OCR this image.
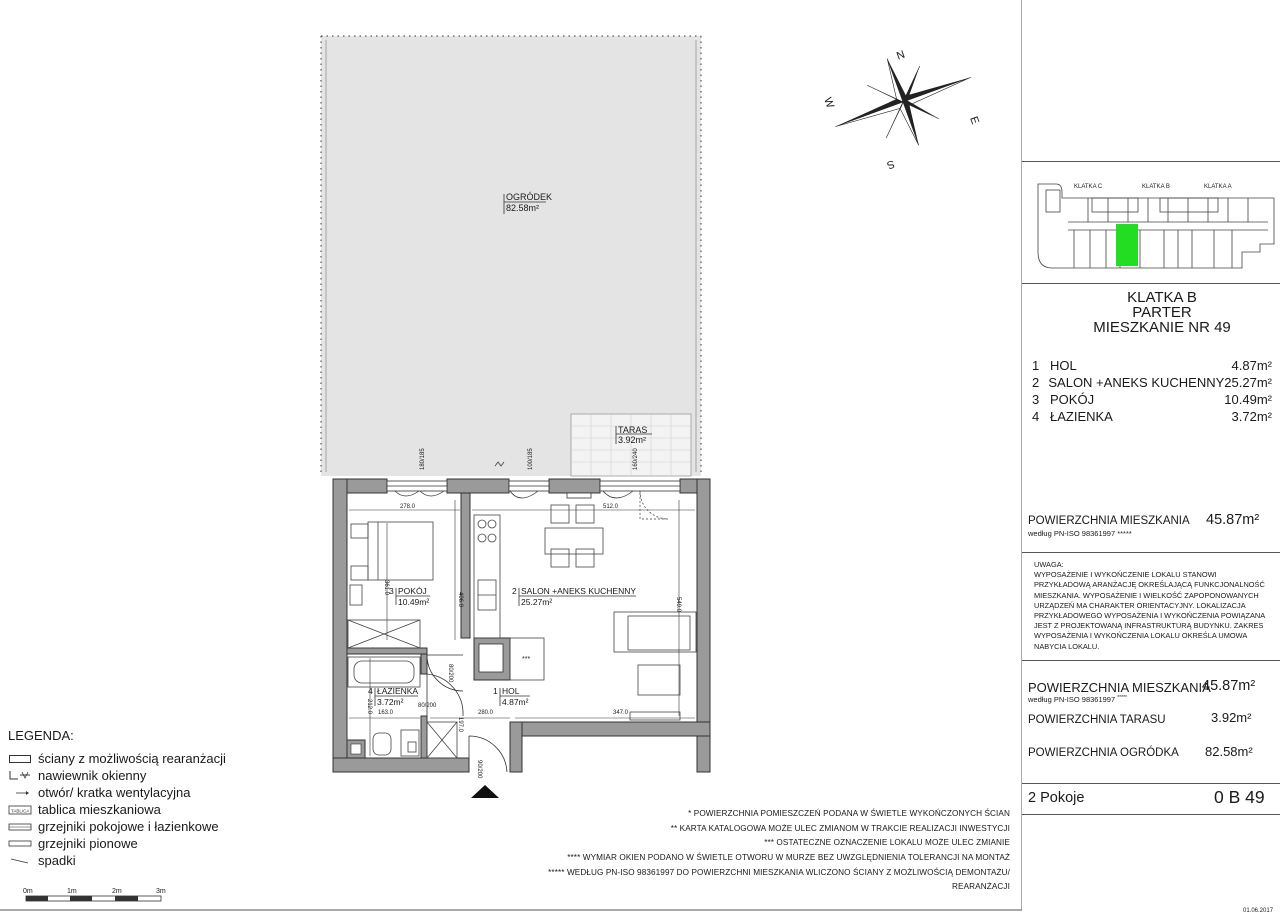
OGRÓDEK
82.58m²
TARAS
3.92m²
180/185	100/185	160/240
278.0	512.0
163.0	280.0	347.0
361.0
406.0	549.0
212.0
197.0
***
80/200
80/200
90/200
3 POKÓJ
10.49m²
2 SALON +ANEKS KUCHENNY
25.27m²
1 HOL
4.87m²
4 ŁAZIENKA
3.72m²
N
S
W
E
0m	1m	2m	3m
LEGENDA:
ściany z możliwością rearanżacji
nawiewnik okienny
otwór/ kratka wentylacyjna
TABLICA tablica mieszkaniowa
grzejniki pokojowe i łazienkowe
grzejniki pionowe
spadki
* POWIERZCHNIA POMIESZCZEŃ PODANA W ŚWIETLE WYKOŃCZONYCH ŚCIAN
** KARTA KATALOGOWA MOŻE ULEC ZMIANOM W TRAKCIE REALIZACJI INWESTYCJI
*** OSTATECZNE OZNACZENIE LOKALU MOŻE ULEC ZMIANIE
**** WYMIAR OKIEN PODANO W ŚWIETLE OTWORU W MURZE BEZ UWZGLĘDNIENIA TOLERANCJI NA MONTAŻ
***** WEDŁUG PN-ISO 98361997 DO POWIERZCHNI MIESZKANIA WLICZONO ŚCIANY Z MOŻLIWOŚCIĄ DEMONTAŻU/
REARANŻACJI
01.06.2017
KLATKA C	KLATKA B	KLATKA A
KLATKA B
PARTER
MIESZKANIE NR 49
1 HOL	4.87m²
2 SALON +ANEKS KUCHENNY 25.27m²
3 POKÓJ	10.49m²
4 ŁAZIENKA	3.72m²
POWIERZCHNIA MIESZKANIA
według PN-ISO 98361997 *****
45.87m²
UWAGA:
WYPOSAŻENIE I WYKOŃCZENIE LOKALU STANOWI
PRZYKŁADOWĄ ARANŻACJĘ OKREŚLAJĄCĄ FUNKCJONALNOŚĆ
MIESZKANIA. WYPOSAŻENIE I WIELKOŚĆ ZAPOPONOWANYCH
URZĄDZEŃ MA CHARAKTER ORIENTACYJNY. LOKALIZACJA
PRZYKŁADOWEGO WYPOSAŻENIA I WYKOŃCZENIA POWIĄZANA
JEST Z PROJEKTOWANĄ INFRASTRUKTURĄ BUDYNKU. ZAKRES
WYPOSAŻENIA I WYKOŃCZENIA LOKALU OKREŚLA UMOWA
NABYCIA LOKALU.
POWIERZCHNIA MIESZKANIA
45.87m²
według PN-ISO 98361997 *****
POWIERZCHNIA TARASU	3.92m²
POWIERZCHNIA OGRÓDKA 82.58m²
2 Pokoje	0 B 49
